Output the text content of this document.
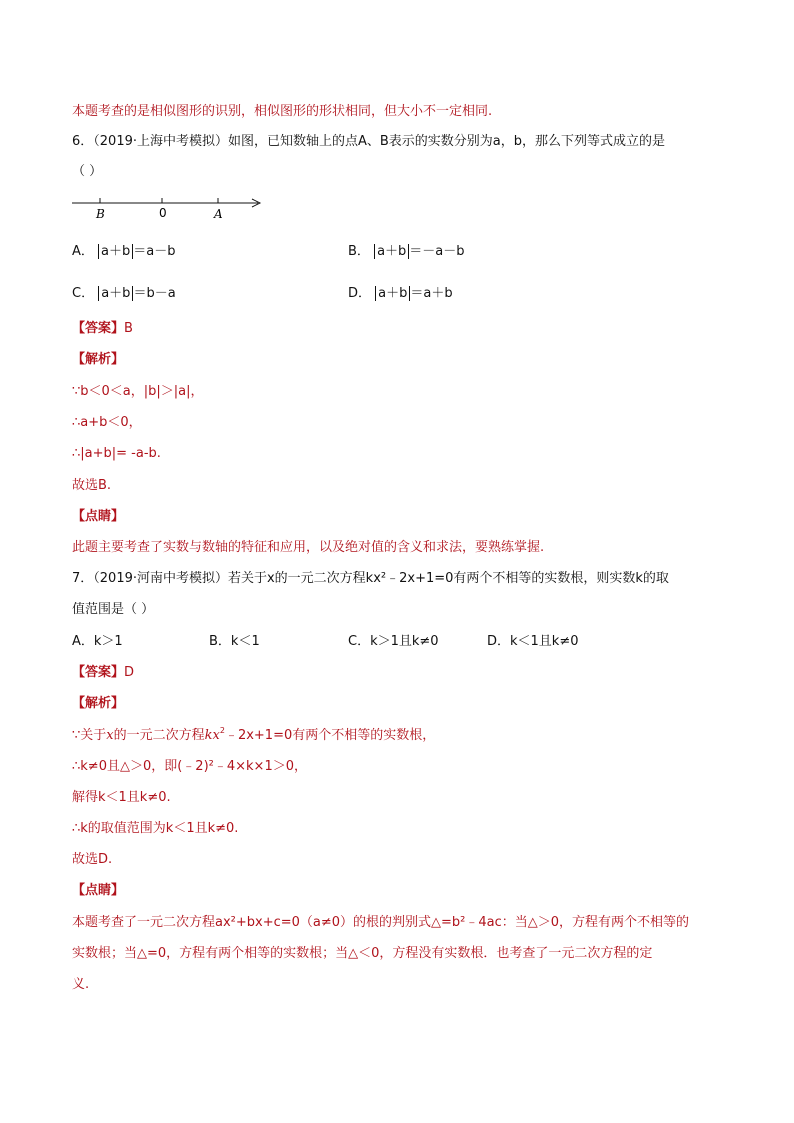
本题考查的是相似图形的识别，相似图形的形状相同，但大小不一定相同.
6．（2019·上海中考模拟）如图，已知数轴上的点A、B表示的实数分别为a，b，那么下列等式成立的是
（ ）
B	0	A
A． a＋b ＝a－b	B． a＋b ＝－a－b
C． a＋b ＝b－a	D． a＋b ＝a＋b
【答案】B
【解析】
∵b＜0＜a，|b|＞|a|，
∴a+b＜0，
∴|a+b|= -a-b.
故选B.
【点睛】
此题主要考查了实数与数轴的特征和应用，以及绝对值的含义和求法，要熟练掌握.
7．（2019·河南中考模拟）若关于x的一元二次方程kx²﹣2x+1=0有两个不相等的实数根，则实数k的取
值范围是（ ）
A．k＞1	B．k＜1	C．k＞1且k≠0	D．k＜1且k≠0
【答案】D
【解析】
∵关于x的一元二次方程$kx^2﹣2x+1=0$有两个不相等的实数根，
∴k≠0且△＞0，即(﹣2)²﹣4×k×1＞0，
解得k＜1且k≠0.
∴k的取值范围为k＜1且k≠0.
故选D.
【点睛】
本题考查了一元二次方程ax²+bx+c=0（a≠0）的根的判别式△=b²﹣4ac：当△＞0，方程有两个不相等的
实数根；当△=0，方程有两个相等的实数根；当△＜0，方程没有实数根．也考查了一元二次方程的定
义.
